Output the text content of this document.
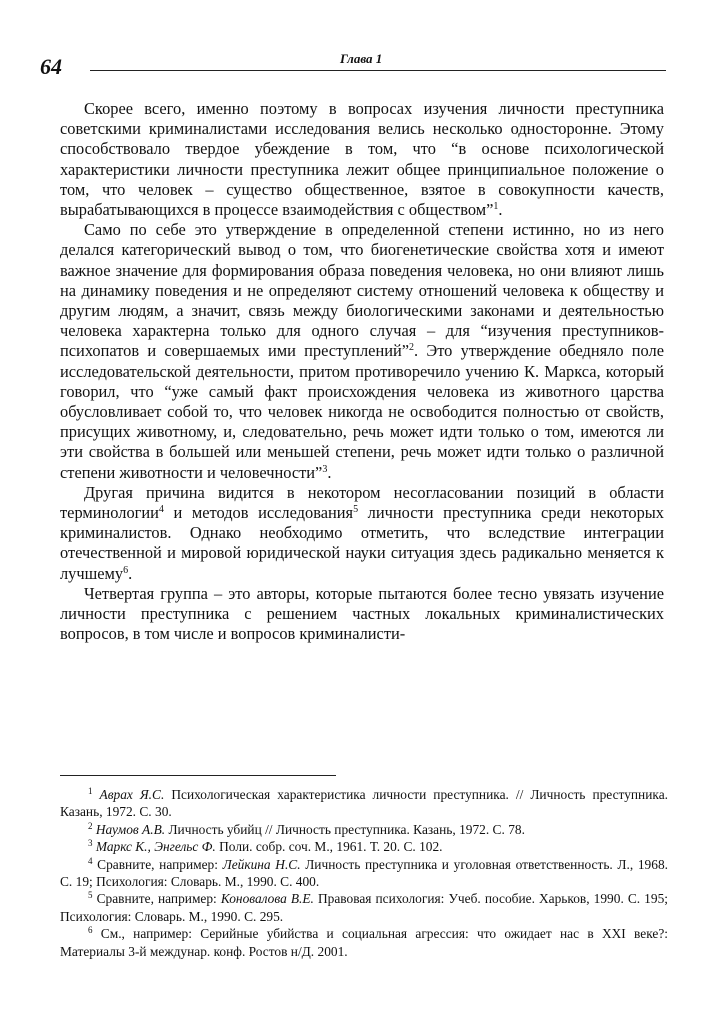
64	Глава 1

Скорее всего, именно поэтому в вопросах изучения личности преступника советскими криминалистами исследования велись несколько односторонне. Этому способствовало твердое убеждение в том, что “в основе психологической характеристики личности преступника лежит общее принципиальное положение о том, что человек – существо общественное, взятое в совокупности качеств, вырабатывающихся в процессе взаимодействия с обществом”$^1$.

Само по себе это утверждение в определенной степени истинно, но из него делался категорический вывод о том, что биогенетические свойства хотя и имеют важное значение для формирования образа поведения человека, но они влияют лишь на динамику поведения и не определяют систему отношений человека к обществу и другим людям, а значит, связь между биологическими законами и деятельностью человека характерна только для одного случая – для “изучения преступников-психопатов и совершаемых ими преступлений”$^2$. Это утверждение обедняло поле исследовательской деятельности, притом противоречило учению К. Маркса, который говорил, что “уже самый факт происхождения человека из животного царства обусловливает собой то, что человек никогда не освободится полностью от свойств, присущих животному, и, следовательно, речь может идти только о том, имеются ли эти свойства в большей или меньшей степени, речь может идти только о различной степени животности и человечности”$^3$.

Другая причина видится в некотором несогласовании позиций в области терминологии$^4$ и методов исследования$^5$ личности преступника среди некоторых криминалистов. Однако необходимо отметить, что вследствие интеграции отечественной и мировой юридической науки ситуация здесь радикально меняется к лучшему$^6$.

Четвертая группа – это авторы, которые пытаются более тесно увязать изучение личности преступника с решением частных локальных криминалистических вопросов, в том числе и вопросов криминалисти-

$^1$ Аврах Я.С. Психологическая характеристика личности преступника. // Личность преступника. Казань, 1972. С. 30.

$^2$ Наумов А.В. Личность убийц // Личность преступника. Казань, 1972. С. 78.

$^3$ Маркс К., Энгельс Ф. Поли. собр. соч. М., 1961. Т. 20. С. 102.

$^4$ Сравните, например: Лейкина Н.С. Личность преступника и уголовная ответственность. Л., 1968. С. 19; Психология: Словарь. М., 1990. С. 400.

$^5$ Сравните, например: Коновалова В.Е. Правовая психология: Учеб. пособие. Харьков, 1990. С. 195; Психология: Словарь. М., 1990. С. 295.

$^6$ См., например: Серийные убийства и социальная агрессия: что ожидает нас в XXI веке?: Материалы 3-й междунар. конф. Ростов н/Д. 2001.
